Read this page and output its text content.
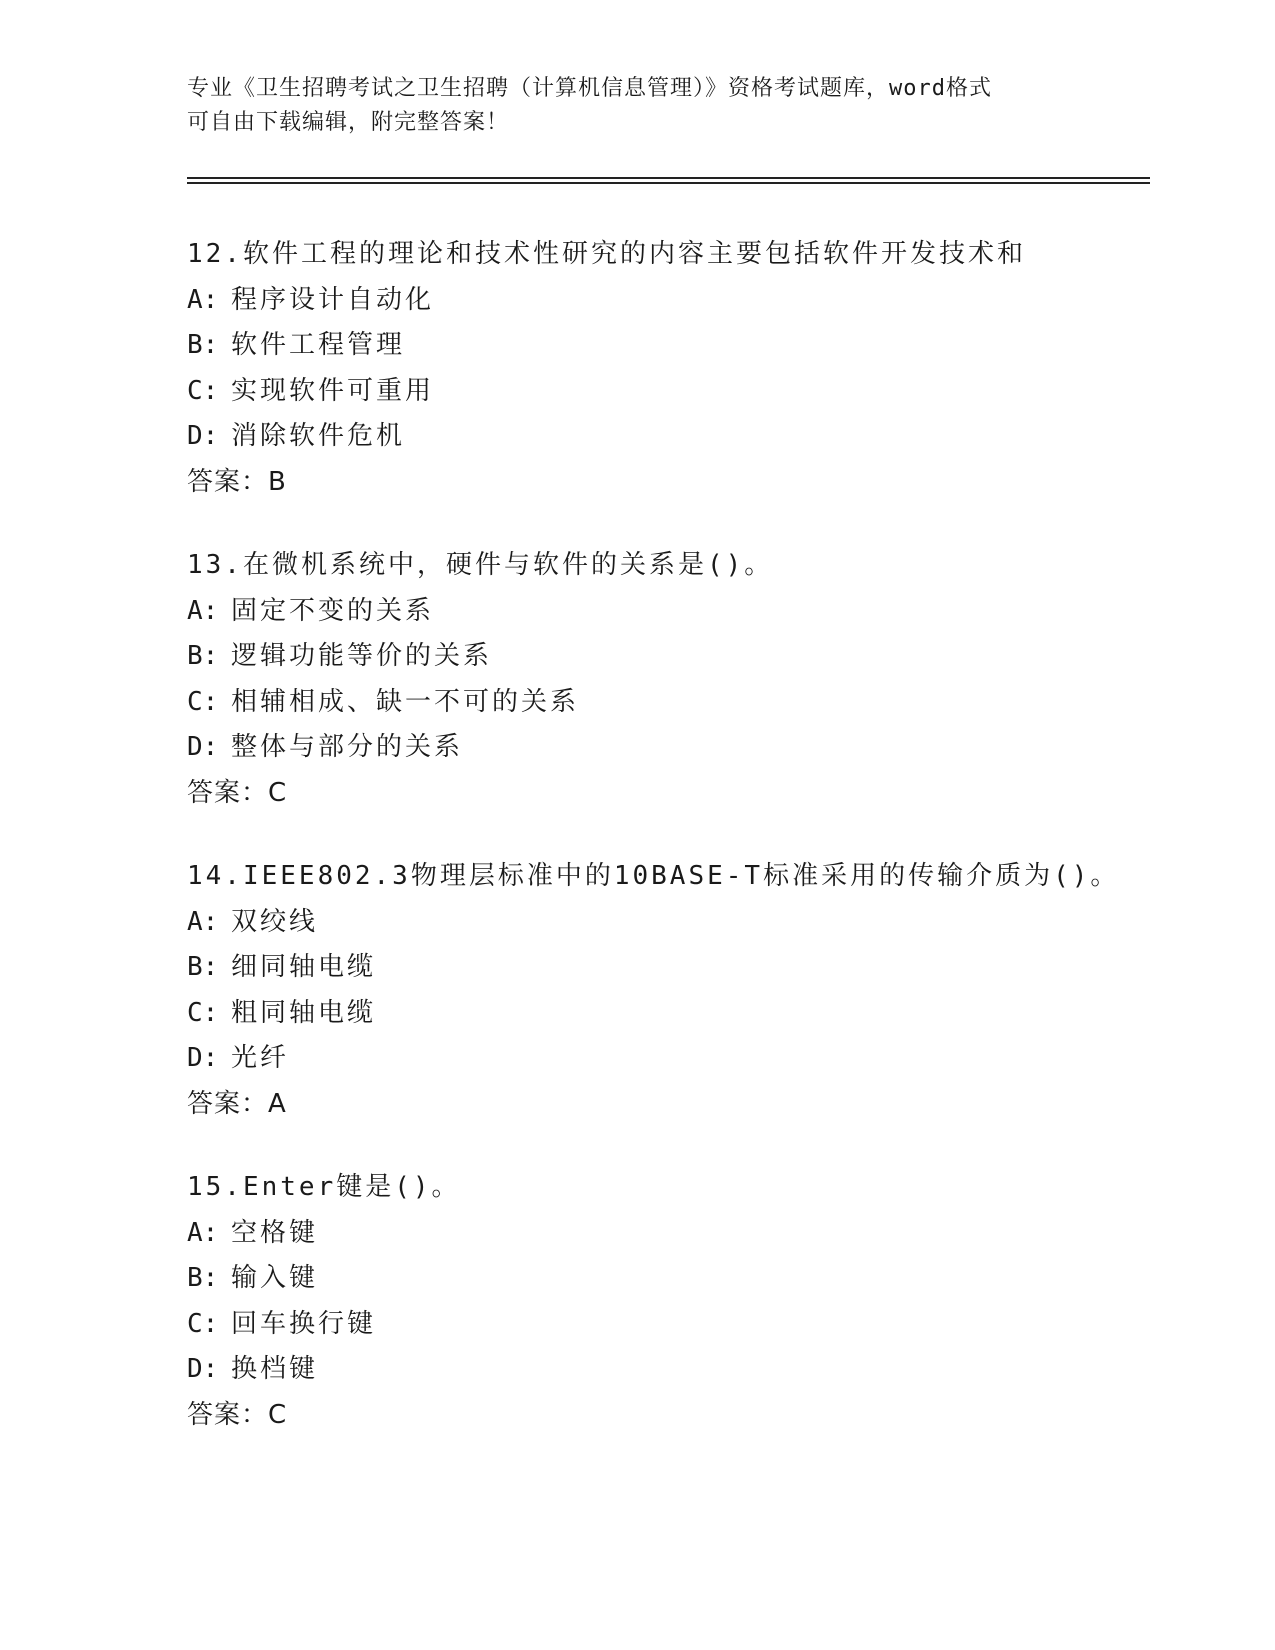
专业《卫生招聘考试之卫生招聘（计算机信息管理）》资格考试题库，word格式
可自由下载编辑，附完整答案！
12.软件工程的理论和技术性研究的内容主要包括软件开发技术和
A: 程序设计自动化
B: 软件工程管理
C: 实现软件可重用
D: 消除软件危机
答案：B
13.在微机系统中，硬件与软件的关系是()。
A: 固定不变的关系
B: 逻辑功能等价的关系
C: 相辅相成、缺一不可的关系
D: 整体与部分的关系
答案：C
14.IEEE802.3物理层标准中的10BASE-T标准采用的传输介质为()。
A: 双绞线
B: 细同轴电缆
C: 粗同轴电缆
D: 光纤
答案：A
15.Enter键是()。
A: 空格键
B: 输入键
C: 回车换行键
D: 换档键
答案：C
